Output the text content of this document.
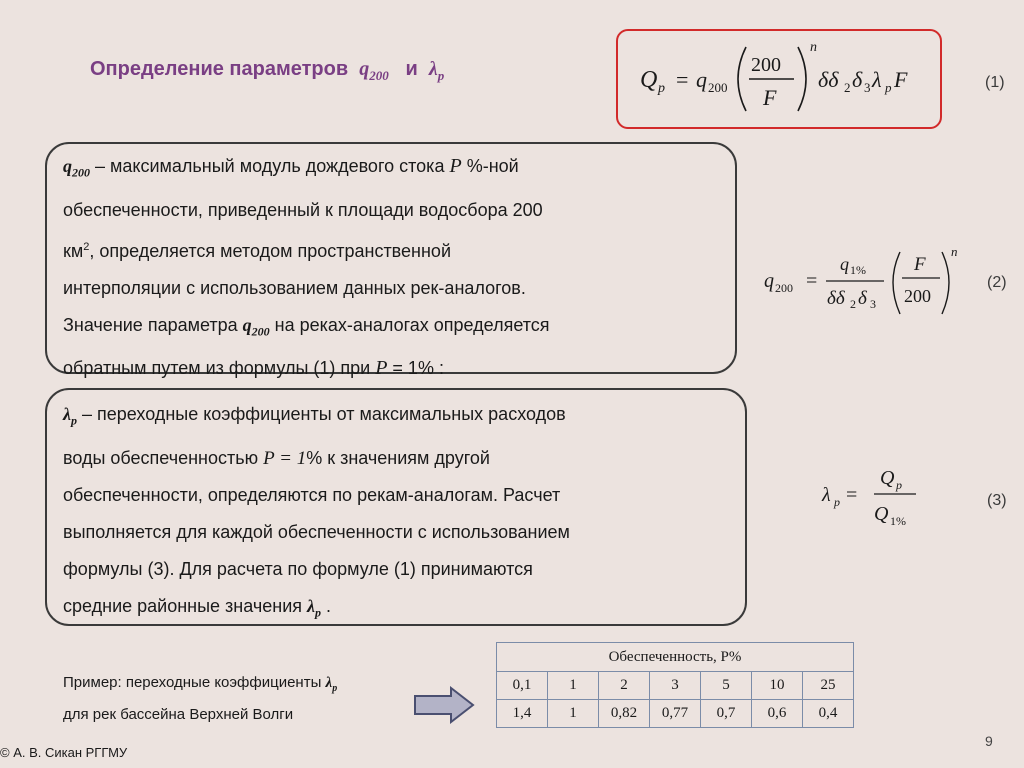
Определение параметров $q_{200}$ и $\lambda_p$	Q p = q 200
200
F
n
δδ 2 δ 3 λ p F	(1)
$q_{200}$ – максимальный модуль дождевого стока P %-ной
обеспеченности, приведенный к площади водосбора 200
$км^2$, определяется методом пространственной
интерполяции с использованием данных рек-аналогов.
Значение параметра $q_{200}$ на реках-аналогах определяется
обратным путем из формулы (1) при P = 1% :
q 200 =
q 1%
δδ 2 δ 3
F
200
n
(2)
$\lambda_p$ – переходные коэффициенты от максимальных расходов
воды обеспеченностью P = 1% к значениям другой
обеспеченности, определяются по рекам-аналогам. Расчет
выполняется для каждой обеспеченности с использованием
формулы (3). Для расчета по формуле (1) принимаются
средние районные значения $\lambda_p$ .
λ p =
Q p
Q 1%
(3)
Пример: переходные коэффициенты $\lambda_p$
для рек бассейна Верхней Волги
Обеспеченность, P%						
0,1	1	2	3	5	10	25
1,4	1	0,82	0,77	0,7	0,6	0,4
© А. В. Сикан РГГМУ
9
